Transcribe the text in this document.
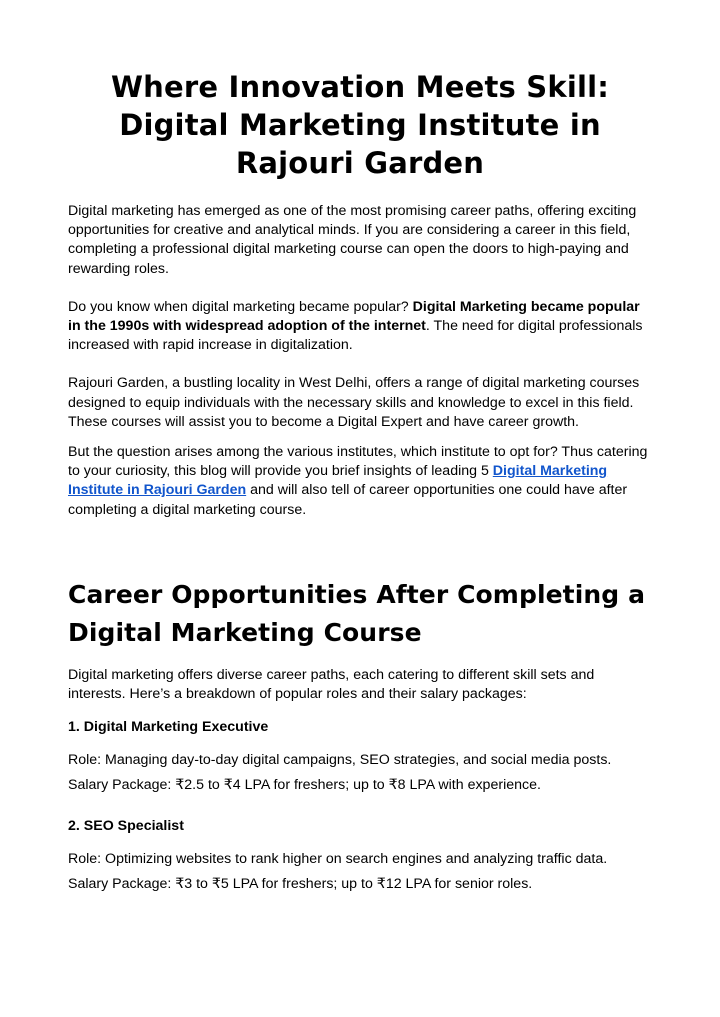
Where Innovation Meets Skill:
Digital Marketing Institute in
Rajouri Garden

Digital marketing has emerged as one of the most promising career paths, offering exciting opportunities for creative and analytical minds. If you are considering a career in this field, completing a professional digital marketing course can open the doors to high-paying and rewarding roles.

Do you know when digital marketing became popular? Digital Marketing became popular in the 1990s with widespread adoption of the internet. The need for digital professionals increased with rapid increase in digitalization.

Rajouri Garden, a bustling locality in West Delhi, offers a range of digital marketing courses designed to equip individuals with the necessary skills and knowledge to excel in this field. These courses will assist you to become a Digital Expert and have career growth.

But the question arises among the various institutes, which institute to opt for? Thus catering to your curiosity, this blog will provide you brief insights of leading 5 Digital Marketing Institute in Rajouri Garden and will also tell of career opportunities one could have after completing a digital marketing course.

Career Opportunities After Completing a
Digital Marketing Course

Digital marketing offers diverse career paths, each catering to different skill sets and interests. Here’s a breakdown of popular roles and their salary packages:

1. Digital Marketing Executive

Role: Managing day-to-day digital campaigns, SEO strategies, and social media posts.

Salary Package: ₹2.5 to ₹4 LPA for freshers; up to ₹8 LPA with experience.

2. SEO Specialist

Role: Optimizing websites to rank higher on search engines and analyzing traffic data.

Salary Package: ₹3 to ₹5 LPA for freshers; up to ₹12 LPA for senior roles.
